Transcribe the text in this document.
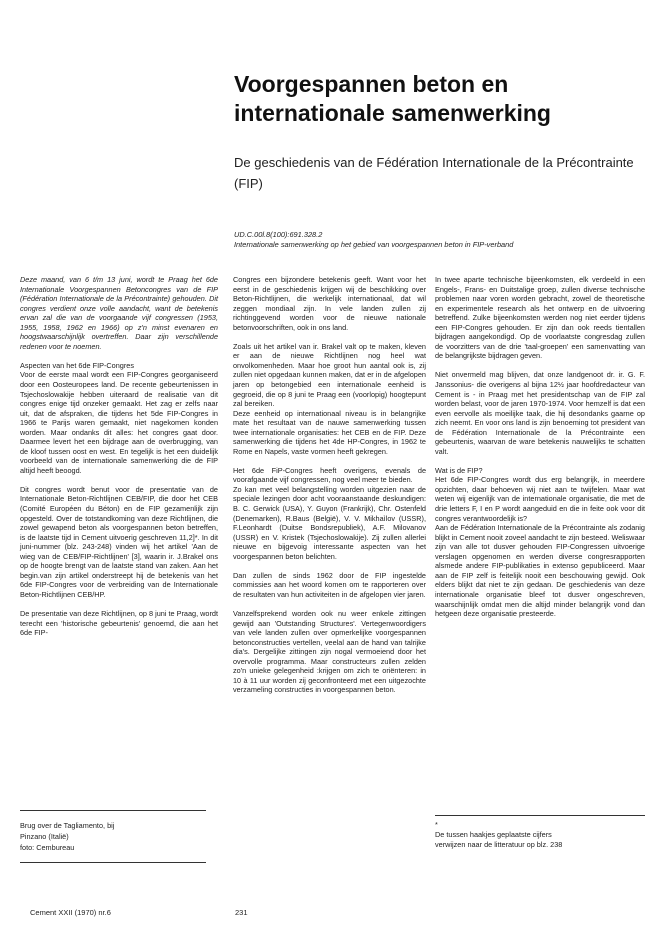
Voorgespannen beton en internationale samenwerking

De geschiedenis van de Fédération Internationale de la Précontrainte (FIP)

UD.C.00l.8(100):691.328.2
Internationale samenwerking op het gebied van voorgespannen beton in FIP-verband

Deze maand, van 6 t/m 13 juni, wordt te Praag het 6de Internationale Voorgespannen Betoncongres van de FIP (Fédération Internationale de la Précontrainte) gehouden. Dit congres verdient onze volle aandacht, want de betekenis ervan zal die van de voorgaande vijf congressen (1953, 1955, 1958, 1962 en 1966) op z'n minst evenaren en hoogstwaarschijnlijk overtreffen. Daar zijn verschillende redenen voor te noemen.

Aspecten van het 6de FIP-Congres
Voor de eerste maal wordt een FIP-Congres georganiseerd door een Oosteuropees land. De recente gebeurtenissen in Tsjechoslowakije hebben uiteraard de realisatie van dit congres enige tijd onzeker gemaakt. Het zag er zelfs naar uit, dat de afspraken, die tijdens het 5de FIP-Congres in 1966 te Parijs waren gemaakt, niet nagekomen konden worden. Maar ondanks dit alles: het congres gaat door. Daarmee levert het een bijdrage aan de overbrugging, van de kloof tussen oost en west. En tegelijk is het een duidelijk voorbeeld van de internationale samenwerking die de FIP altijd heeft beoogd.

Dit congres wordt benut voor de presentatie van de Internationale Beton-Richtlijnen CEB/FIP, die door het CEB (Comité Européen du Béton) en de FIP gezamenlijk zijn opgesteld. Over de totstandkoming van deze Richtlijnen, die zowel gewapend beton als voorgespannen beton betreffen, is de laatste tijd in Cement uitvoerig geschreven 11,2]*. In dit juni-nummer (blz. 243-248) vinden wij het artikel 'Aan de wieg van de CEB/FIP-Richtlijnen' [3], waarin ir. J.Brakel ons op de hoogte brengt van de laatste stand van zaken. Aan het begin.van zijn artikel onderstreept hij de betekenis van het 6de FIP-Congres voor de verbreiding van de Internationale Beton-Richtlijnen CEB/HP.

De presentatie van deze Richtlijnen, op 8 juni te Praag, wordt terecht een 'historische gebeurtenis' genoemd, die aan het 6de FIP-

Congres een bijzondere betekenis geeft. Want voor het eerst in de geschiedenis krijgen wij de beschikking over Beton-Richtlijnen, die werkelijk internationaal, dat wil zeggen mondiaal zijn. In vele landen zullen zij richtinggevend worden voor de nieuwe nationale betonvoorschriften, ook in ons land.

Zoals uit het artikel van ir. Brakel valt op te maken, kleven er aan de nieuwe Richtlijnen nog heel wat onvolkomenheden. Maar hoe groot hun aantal ook is, zij zullen niet opgedaan kunnen maken, dat er in de afgelopen jaren op betongebied een internationale eenheid is gegroeid, die op 8 juni te Praag een (voorlopig) hoogtepunt zal bereiken.
Deze eenheid op internationaal niveau is in belangrijke mate het resultaat van de nauwe samenwerking tussen twee internationale organisaties: het CEB en de FIP. Deze samenwerking die tijdens het 4de HP-Congres, in 1962 te Rome en Napels, vaste vormen heeft gekregen.

Het 6de FiP-Congres heeft overigens, evenals de voorafgaande vijf congressen, nog veel meer te bieden.
Zo kan met veel belangstelling worden uitgezien naar de speciale lezingen door acht vooraanstaande deskundigen: B. C. Gerwick (USA), Y. Guyon (Frankrijk), Chr. Ostenfeld (Denemarken), R.Baus (België), V. V. Mikhaìlov (USSR), F.Leonhardt (Duitse Bondsrepubliek), A.F. Milovanov (USSR) en V. Kristek (Tsjechoslowakije). Zij zullen allerlei nieuwe en bijgevoig interessante aspecten van het voorgespannen beton belichten.

Dan zullen de sinds 1962 door de FIP ingestelde commissies aan het woord komen om te rapporteren over de resultaten van hun activiteiten in de afgelopen vier jaren.

Vanzelfsprekend worden ook nu weer enkele zittingen gewijd aan 'Outstanding Structures'. Vertegenwoordigers van vele landen zullen over opmerkelijke voorgespannen betonconstructies vertellen, veelal aan de hand van talrijke dia's. Dergelijke zittingen zijn nogal vermoeiend door het overvolle programma. Maar constructeurs zullen zelden zo'n unieke gelegenheid :krijgen om zich te oriënteren: in 10 à 11 uur worden zij geconfronteerd met een uitgezochte verzameling constructies in voorgespannen beton.

In twee aparte technische bijeenkomsten, elk verdeeld in een Engels-, Frans- en Duitstalige groep, zullen diverse technische problemen naar voren worden gebracht, zowel de theoretische en experimentele research als het ontwerp en de uitvoering betreffend. Zulke bijeenkomsten werden nog niet eerder tijdens een FIP-Congres gehouden. Er zijn dan ook reeds tientallen bijdragen aangekondigd. Op de voorlaatste congresdag zullen de voorzitters van de drie 'taal-groepen' een samenvatting van de belangrijkste bijdragen geven.

Niet onvermeld mag blijven, dat onze landgenoot dr. ir. G. F. Janssonius- die overigens al bijna 12½ jaar hoofdredacteur van Cement is - in Praag met het presidentschap van de FIP zal worden belast, voor de jaren 1970-1974. Voor hemzelf is dat een even eervolle als moeilijke taak, die hij desondanks gaarne op zich neemt. En voor ons land is zijn benoeming tot president van de Fédération Internationale de la Précontrainte een gebeurtenis, waarvan de ware betekenis nauwelijks te schatten valt.

Wat is de FIP?
Het 6de FIP-Congres wordt dus erg belangrijk, in meerdere opzichten, daar behoeven wij niet aan te twijfelen. Maar wat weten wij eigenlijk van de internationale organisatie, die met de drie letters F, I en P wordt aangeduid en die in feite ook voor dit congres verantwoordelijk is?
Aan de Fédération Internationale de la Précontrainte als zodanig blijkt in Cement nooit zoveel aandacht te zijn besteed. Weliswaar zijn van alle tot dusver gehouden FIP-Congressen uitvoerige verslagen opgenomen en werden diverse congresrapporten alsmede andere FIP-publikaties in extenso gepubliceerd. Maar aan de FIP zelf is feitelijk nooit een beschouwing gewijd. Ook elders blijkt dat niet te zijn gedaan. De geschiedenis van deze internationale organisatie bleef tot dusver ongeschreven, waarschijnlijk omdat men die altijd minder belangrijk vond dan hetgeen deze organisatie presteerde.

Brug over de Tagliamento, bij
Pinzano (Italië)
foto: Cembureau
*
De tussen haakjes geplaatste cijfers
verwijzen naar de litteratuur op blz. 238
Cement XXII (1970) nr.6	231
